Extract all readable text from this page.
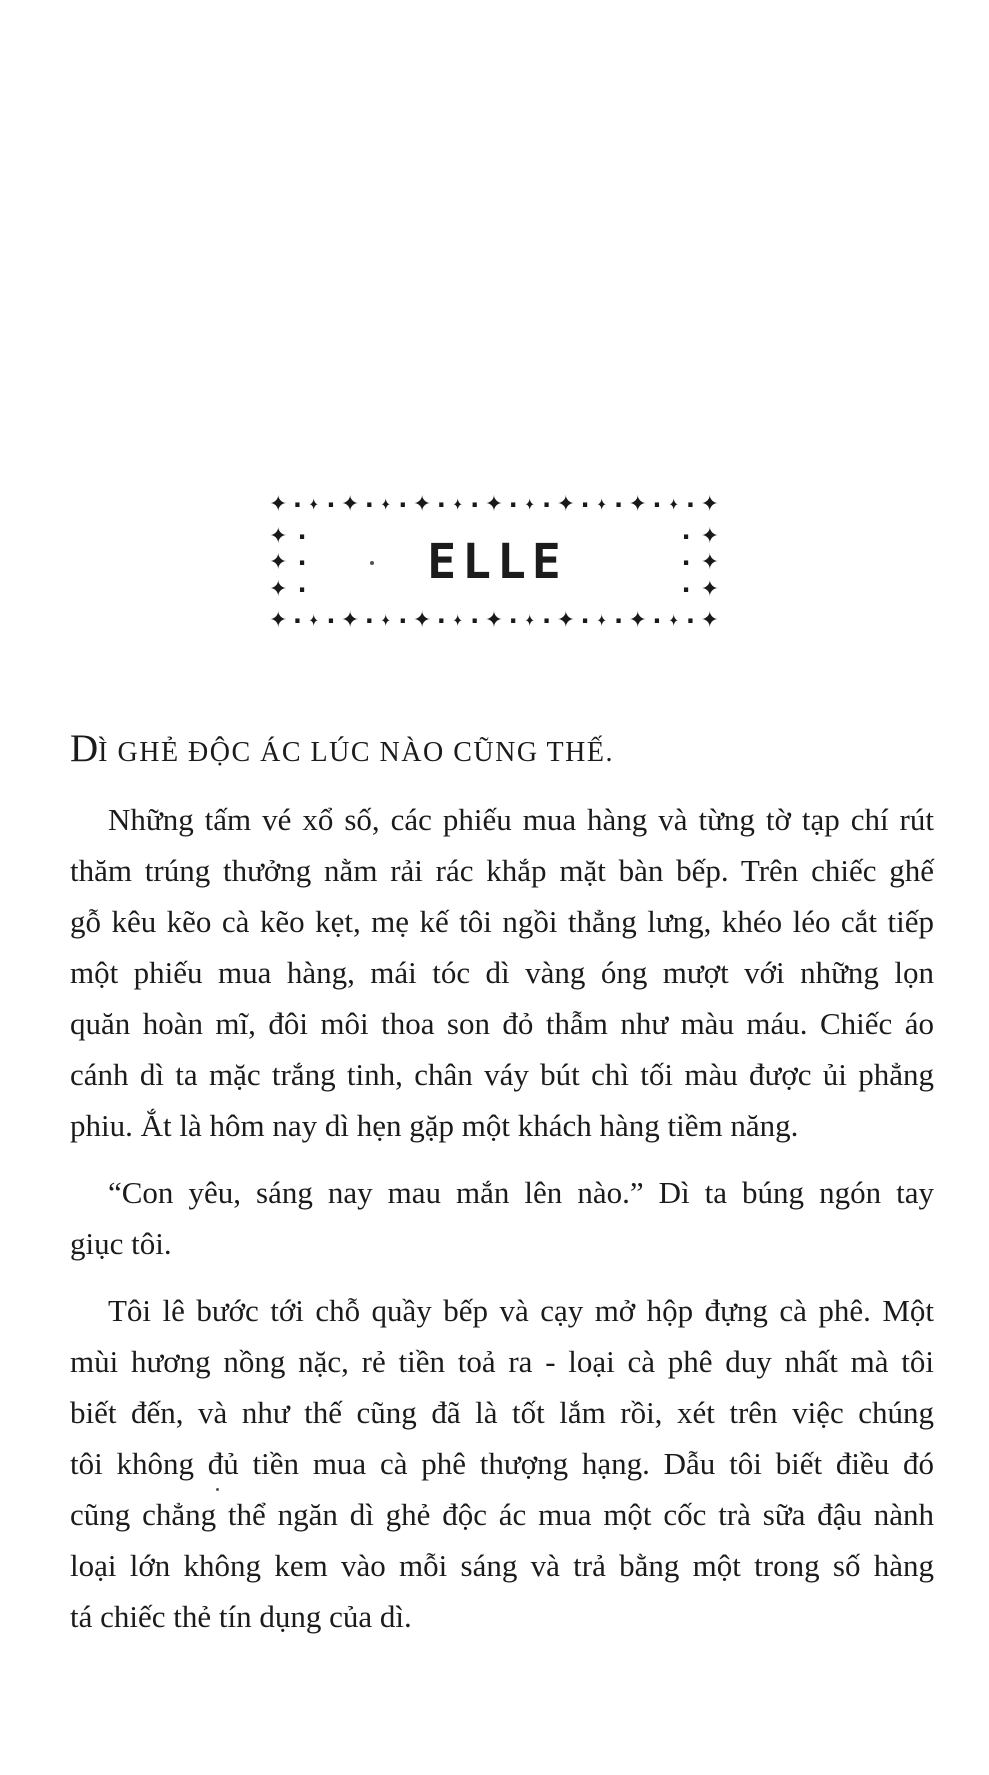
✦ · ✦ · ✦ · ✦ · ✦ · ✦ · ✦ · ✦ · ✦ · ✦ · ✦ · ✦ · ✦
✦ ·
✦ ·
✦ ·
· ✦
· ✦
· ✦
✦ · ✦ · ✦ · ✦ · ✦ · ✦ · ✦ · ✦ · ✦ · ✦ · ✦ · ✦ · ✦
ELLE
DÌ GHẺ ĐỘC ÁC LÚC NÀO CŨNG THẾ.
Những tấm vé xổ số, các phiếu mua hàng và từng tờ tạp chí rút
thăm trúng thưởng nằm rải rác khắp mặt bàn bếp. Trên chiếc ghế
gỗ kêu kẽo cà kẽo kẹt, mẹ kế tôi ngồi thẳng lưng, khéo léo cắt tiếp
một phiếu mua hàng, mái tóc dì vàng óng mượt với những lọn
quăn hoàn mĩ, đôi môi thoa son đỏ thẫm như màu máu. Chiếc áo
cánh dì ta mặc trắng tinh, chân váy bút chì tối màu được ủi phẳng
phiu. Ắt là hôm nay dì hẹn gặp một khách hàng tiềm năng.
“Con yêu, sáng nay mau mắn lên nào.” Dì ta búng ngón tay
giục tôi.
Tôi lê bước tới chỗ quầy bếp và cạy mở hộp đựng cà phê. Một
mùi hương nồng nặc, rẻ tiền toả ra - loại cà phê duy nhất mà tôi
biết đến, và như thế cũng đã là tốt lắm rồi, xét trên việc chúng
tôi không đủ tiền mua cà phê thượng hạng. Dẫu tôi biết điều đó
cũng chẳng thể ngăn dì ghẻ độc ác mua một cốc trà sữa đậu nành
loại lớn không kem vào mỗi sáng và trả bằng một trong số hàng
tá chiếc thẻ tín dụng của dì.
